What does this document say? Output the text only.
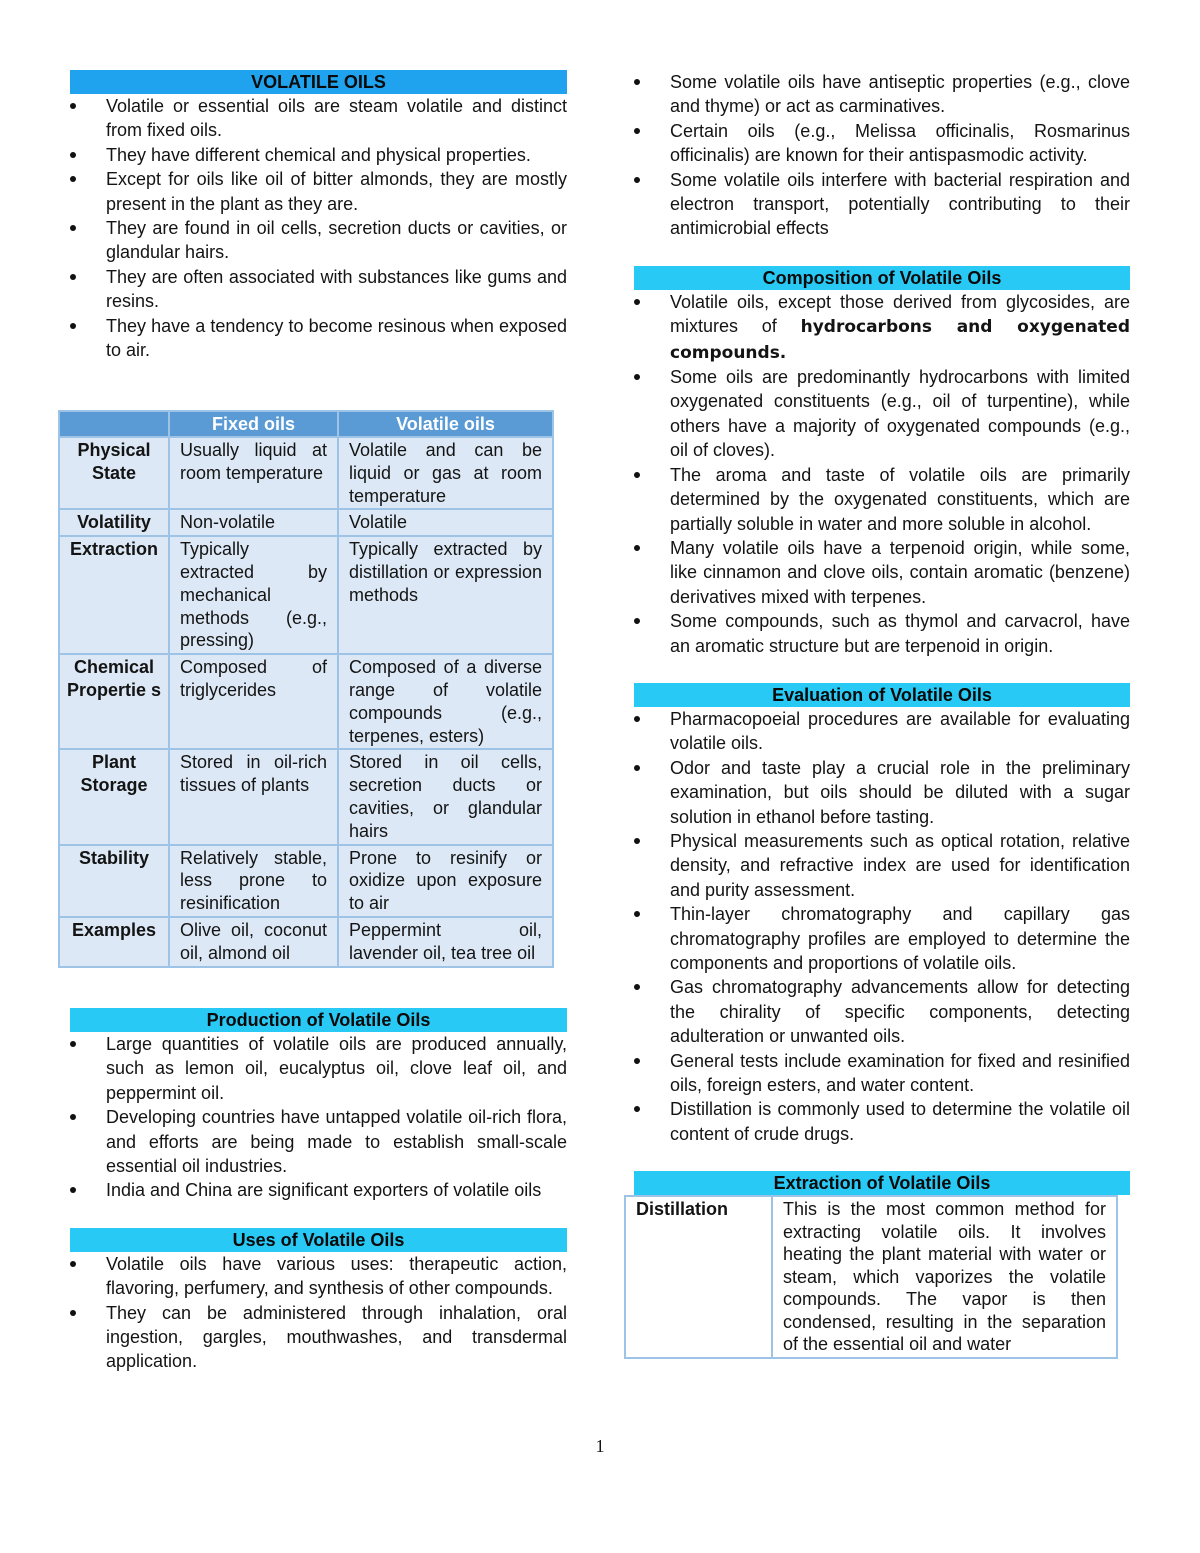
VOLATILE OILS
Volatile or essential oils are steam volatile and distinct from fixed oils.
They have different chemical and physical properties.
Except for oils like oil of bitter almonds, they are mostly present in the plant as they are.
They are found in oil cells, secretion ducts or cavities, or glandular hairs.
They are often associated with substances like gums and resins.
They have a tendency to become resinous when exposed to air.
	Fixed oils	Volatile oils
Physical State	Usually liquid at room temperature	Volatile and can be liquid or gas at room temperature
Volatility	Non-volatile	Volatile
Extraction	Typically extracted by mechanical methods (e.g., pressing)	Typically extracted by distillation or expression methods
Chemical Propertie s	Composed of triglycerides	Composed of a diverse range of volatile compounds (e.g., terpenes, esters)
Plant Storage	Stored in oil-rich tissues of plants	Stored in oil cells, secretion ducts or cavities, or glandular hairs
Stability	Relatively stable, less prone to resinification	Prone to resinify or oxidize upon exposure to air
Examples	Olive oil, coconut oil, almond oil	Peppermint oil, lavender oil, tea tree oil
Production of Volatile Oils
Large quantities of volatile oils are produced annually, such as lemon oil, eucalyptus oil, clove leaf oil, and peppermint oil.
Developing countries have untapped volatile oil-rich flora, and efforts are being made to establish small-scale essential oil industries.
India and China are significant exporters of volatile oils
Uses of Volatile Oils
Volatile oils have various uses: therapeutic action, flavoring, perfumery, and synthesis of other compounds.
They can be administered through inhalation, oral ingestion, gargles, mouthwashes, and transdermal application.
Some volatile oils have antiseptic properties (e.g., clove and thyme) or act as carminatives.
Certain oils (e.g., Melissa officinalis, Rosmarinus officinalis) are known for their antispasmodic activity.
Some volatile oils interfere with bacterial respiration and electron transport, potentially contributing to their antimicrobial effects
Composition of Volatile Oils
Volatile oils, except those derived from glycosides, are mixtures of hydrocarbons and oxygenated compounds.
Some oils are predominantly hydrocarbons with limited oxygenated constituents (e.g., oil of turpentine), while others have a majority of oxygenated compounds (e.g., oil of cloves).
The aroma and taste of volatile oils are primarily determined by the oxygenated constituents, which are partially soluble in water and more soluble in alcohol.
Many volatile oils have a terpenoid origin, while some, like cinnamon and clove oils, contain aromatic (benzene) derivatives mixed with terpenes.
Some compounds, such as thymol and carvacrol, have an aromatic structure but are terpenoid in origin.
Evaluation of Volatile Oils
Pharmacopoeial procedures are available for evaluating volatile oils.
Odor and taste play a crucial role in the preliminary examination, but oils should be diluted with a sugar solution in ethanol before tasting.
Physical measurements such as optical rotation, relative density, and refractive index are used for identification and purity assessment.
Thin-layer chromatography and capillary gas chromatography profiles are employed to determine the components and proportions of volatile oils.
Gas chromatography advancements allow for detecting the chirality of specific components, detecting adulteration or unwanted oils.
General tests include examination for fixed and resinified oils, foreign esters, and water content.
Distillation is commonly used to determine the volatile oil content of crude drugs.
Extraction of Volatile Oils
Distillation	This is the most common method for extracting volatile oils. It involves heating the plant material with water or steam, which vaporizes the volatile compounds. The vapor is then condensed, resulting in the separation of the essential oil and water
1
